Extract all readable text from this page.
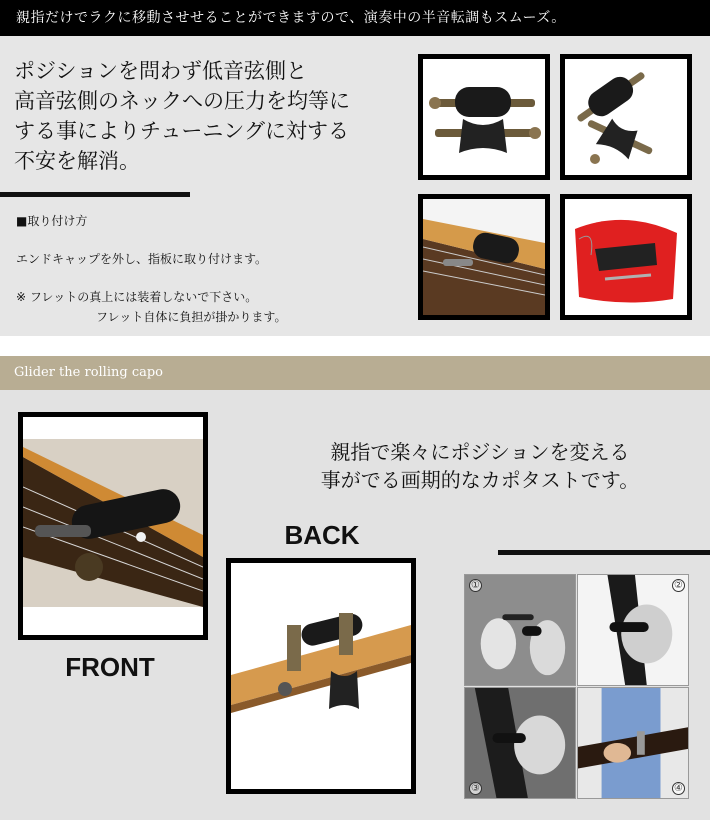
親指だけでラクに移動させせることができますので、演奏中の半音転調もスムーズ。
ポジションを問わず低音弦側と
高音弦側のネックへの圧力を均等に
する事によりチューニングに対する
不安を解消。
■取り付け方
エンドキャップを外し、指板に取り付けます。
※ フレットの真上には装着しないで下さい。
フレット自体に負担が掛かります。
Glider the rolling capo
FRONT
BACK
親指で楽々にポジションを変える
事がでる画期的なカポタストです。
①	②
③	④
